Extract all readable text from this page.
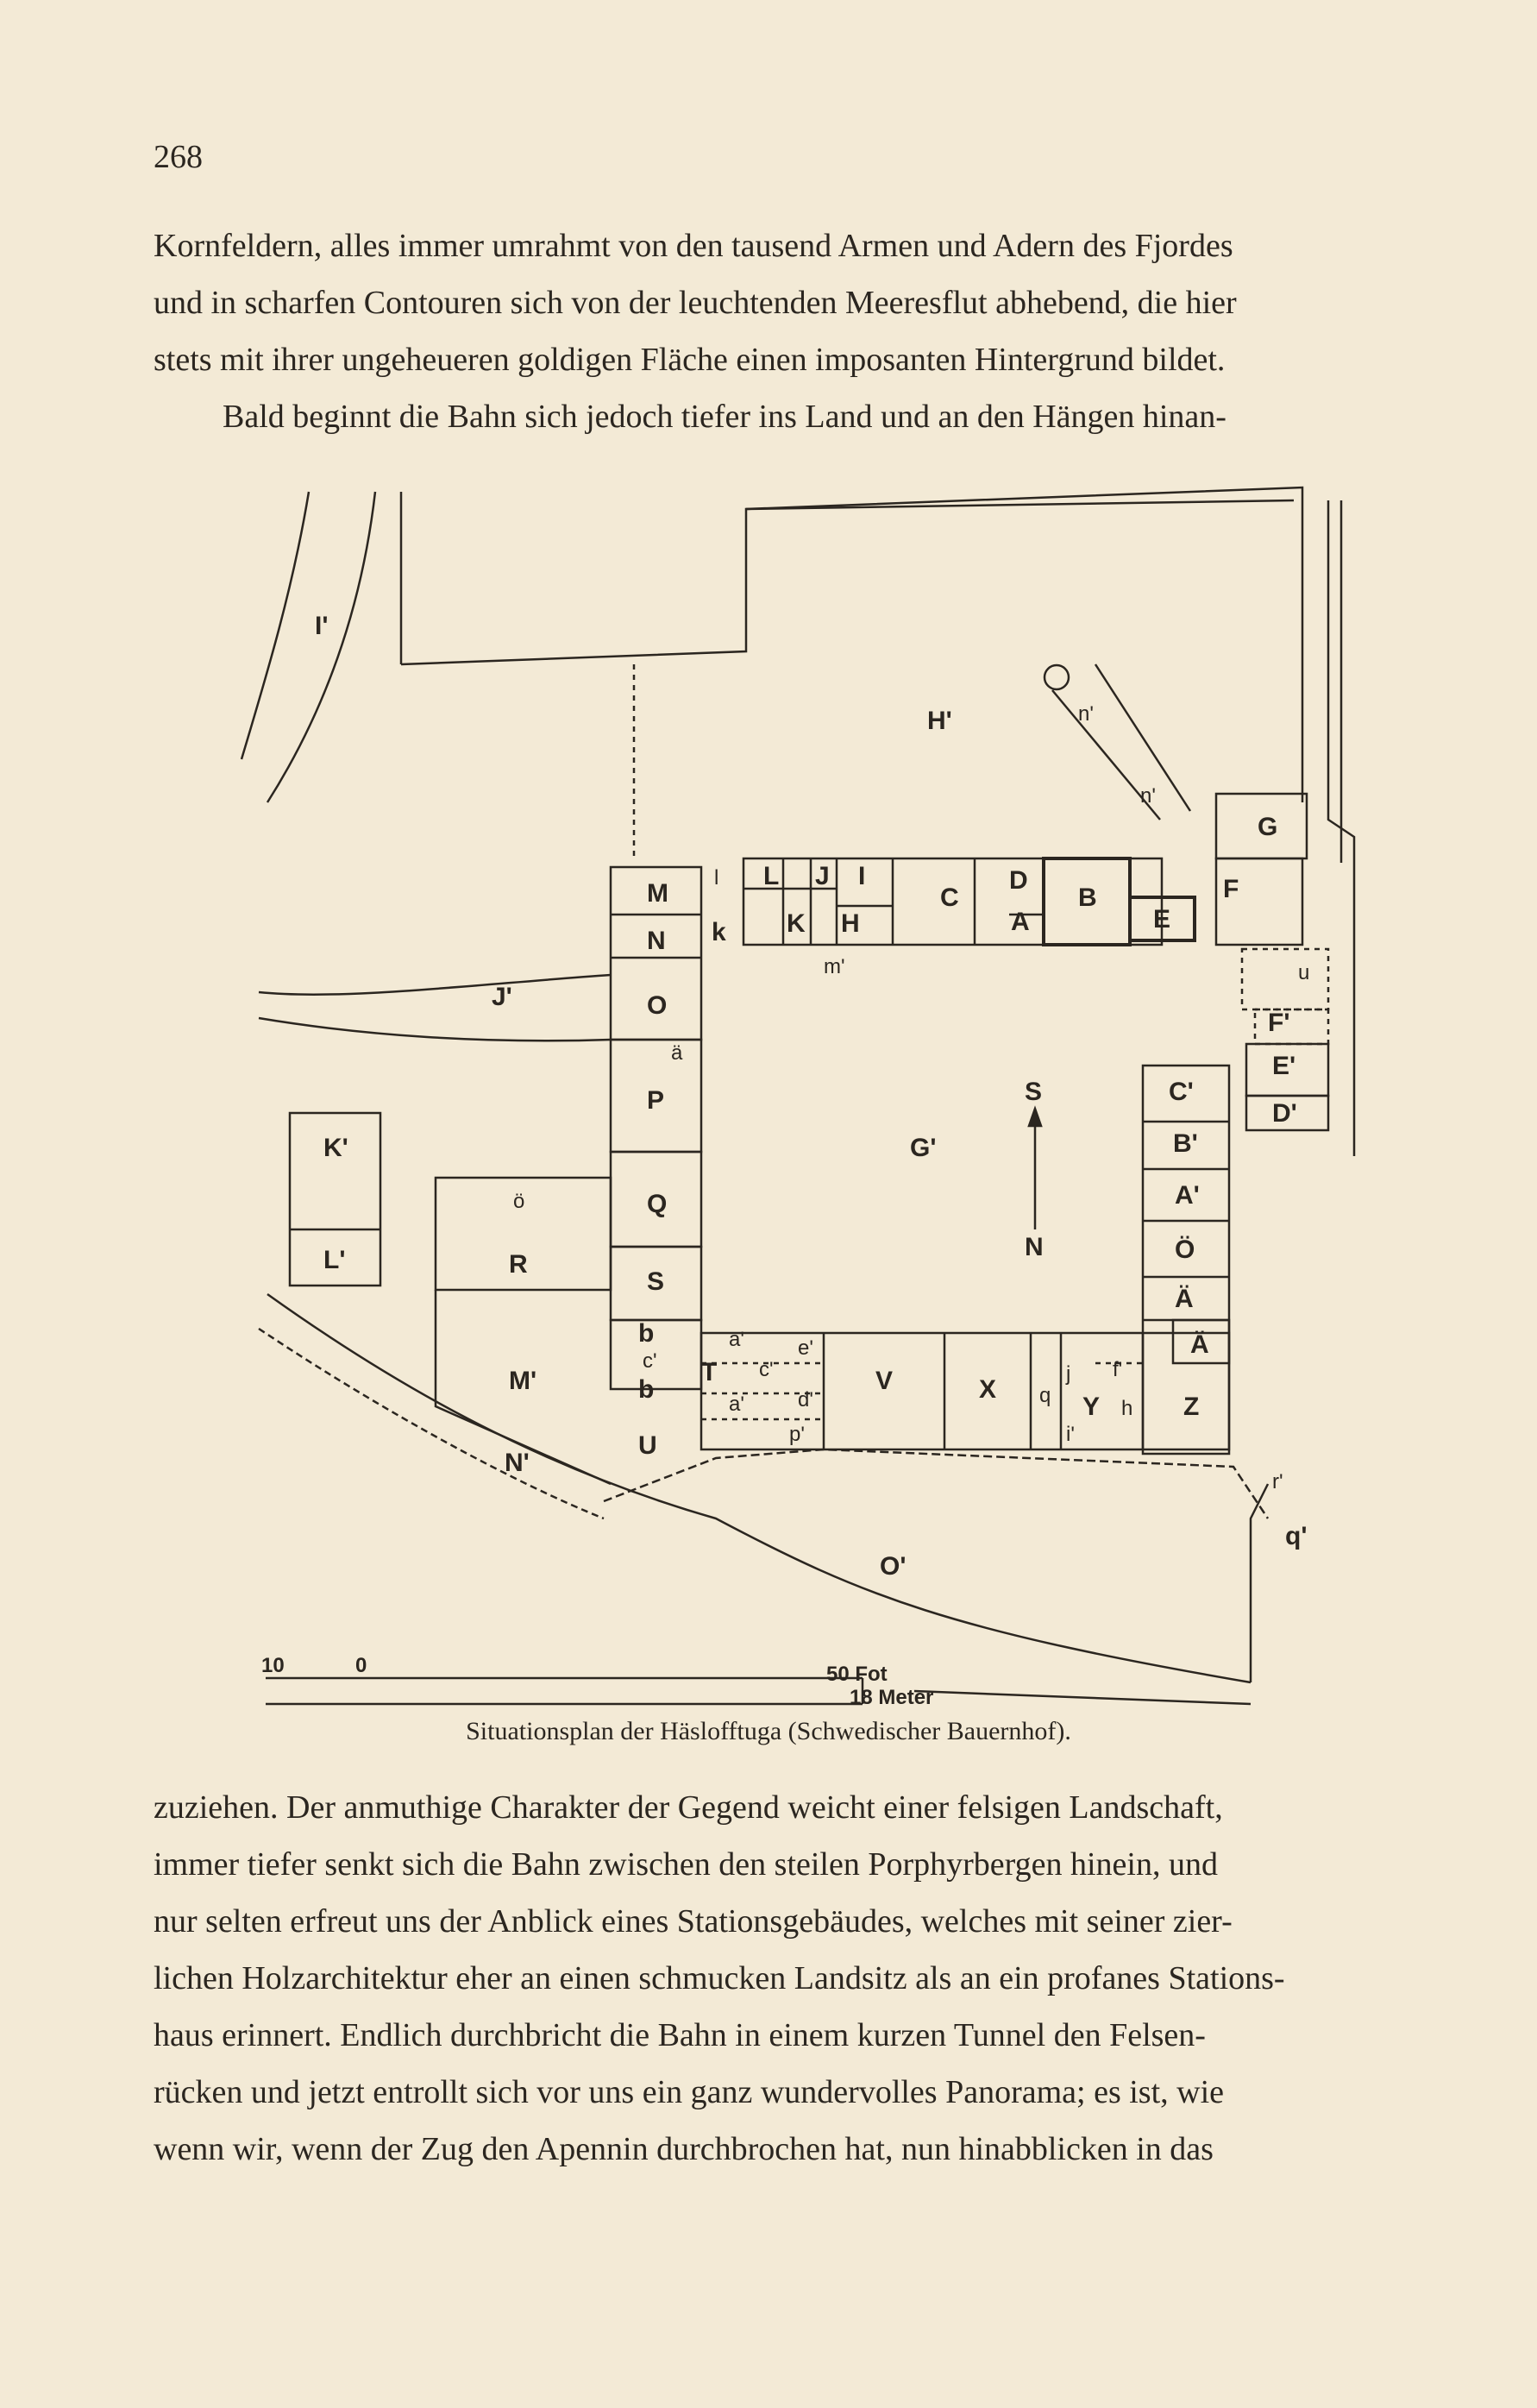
268
Kornfeldern, alles immer umrahmt von den tausend Armen und Adern des Fjordes
und in scharfen Contouren sich von der leuchtenden Meeresflut abhebend, die hier
stets mit ihrer ungeheueren goldigen Fläche einen imposanten Hintergrund bildet.
Bald beginnt die Bahn sich jedoch tiefer ins Land und an den Hängen hinan-
I'
H'
G
M
N
O
P
Q
R
S
L J I
K H
C
D
A
B
E
F
J'
K'
L'
C'
G'	B'
A'
Ö
Ä
Ä
Z
V	X
Y
T
U
M'
N'
O'
E'
D'
F'
S
N
q'
r'
l
k
n'
n'
m'	u
ö
ä
b
c'
a'	e'
d'
a'
p'
f'
i'
j
h
q
c'
b
10	0	50 Fot
18 Meter
Situationsplan der Häslofftuga (Schwedischer Bauernhof).
zuziehen. Der anmuthige Charakter der Gegend weicht einer felsigen Landschaft,
immer tiefer senkt sich die Bahn zwischen den steilen Porphyrbergen hinein, und
nur selten erfreut uns der Anblick eines Stationsgebäudes, welches mit seiner zier-
lichen Holzarchitektur eher an einen schmucken Landsitz als an ein profanes Stations-
haus erinnert. Endlich durchbricht die Bahn in einem kurzen Tunnel den Felsen-
rücken und jetzt entrollt sich vor uns ein ganz wundervolles Panorama; es ist, wie
wenn wir, wenn der Zug den Apennin durchbrochen hat, nun hinabblicken in das
